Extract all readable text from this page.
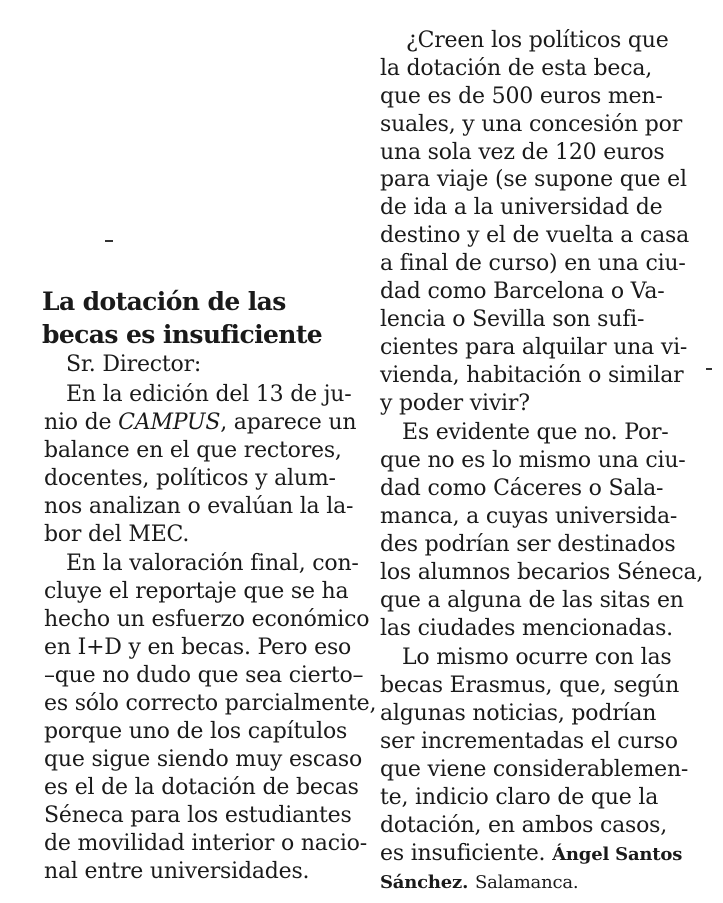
La dotación de las
becas es insuficiente
Sr. Director:
En la edición del 13 de ju-
nio de CAMPUS, aparece un
balance en el que rectores,
docentes, políticos y alum-
nos analizan o evalúan la la-
bor del MEC.
En la valoración final, con-
cluye el reportaje que se ha
hecho un esfuerzo económico
en I+D y en becas. Pero eso
–que no dudo que sea cierto–
es sólo correcto parcialmente,
porque uno de los capítulos
que sigue siendo muy escaso
es el de la dotación de becas
Séneca para los estudiantes
de movilidad interior o nacio-
nal entre universidades.
¿Creen los políticos que
la dotación de esta beca,
que es de 500 euros men-
suales, y una concesión por
una sola vez de 120 euros
para viaje (se supone que el
de ida a la universidad de
destino y el de vuelta a casa
a final de curso) en una ciu-
dad como Barcelona o Va-
lencia o Sevilla son sufi-
cientes para alquilar una vi-
vienda, habitación o similar
y poder vivir?
Es evidente que no. Por-
que no es lo mismo una ciu-
dad como Cáceres o Sala-
manca, a cuyas universida-
des podrían ser destinados
los alumnos becarios Séneca,
que a alguna de las sitas en
las ciudades mencionadas.
Lo mismo ocurre con las
becas Erasmus, que, según
algunas noticias, podrían
ser incrementadas el curso
que viene considerablemen-
te, indicio claro de que la
dotación, en ambos casos,
es insuficiente. Ángel Santos
Sánchez. Salamanca.
